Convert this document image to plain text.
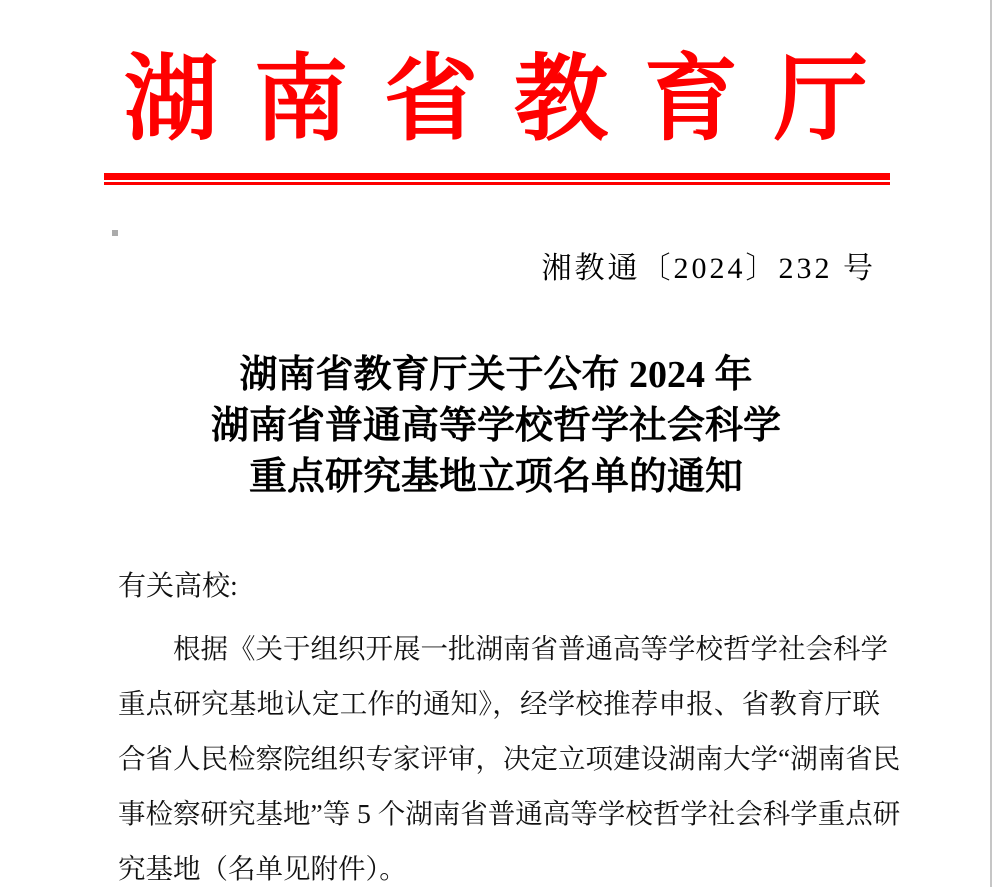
湖南省教育厅
湘教通〔2024〕232 号
湖南省教育厅关于公布 2024 年
湖南省普通高等学校哲学社会科学
重点研究基地立项名单的通知
有关高校:
根据《关于组织开展一批湖南省普通高等学校哲学社会科学
重点研究基地认定工作的通知》，经学校推荐申报、省教育厅联
合省人民检察院组织专家评审，决定立项建设湖南大学“湖南省民
事检察研究基地”等 5 个湖南省普通高等学校哲学社会科学重点研
究基地（名单见附件）。
